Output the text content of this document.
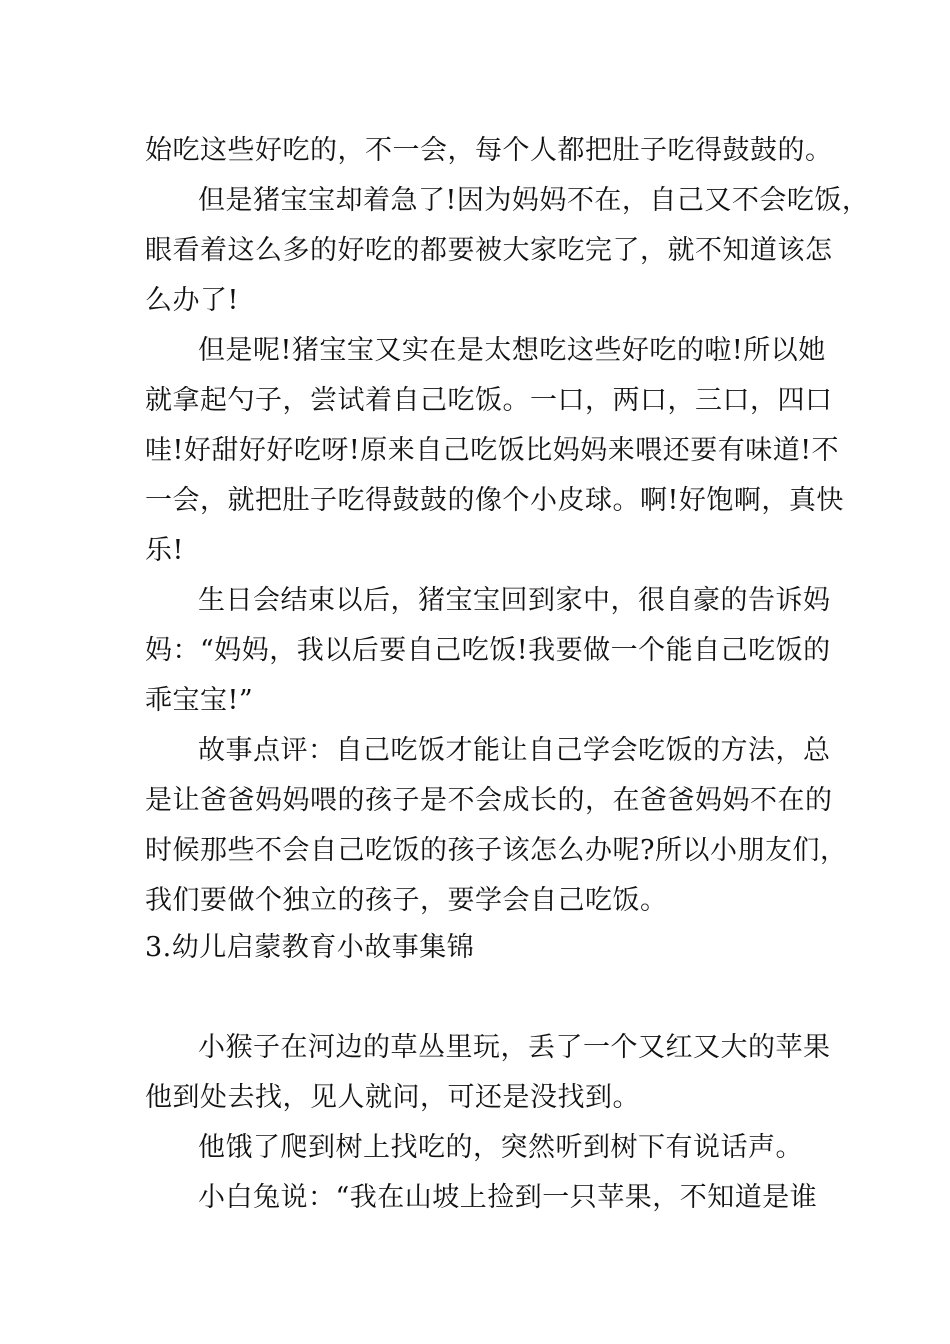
始吃这些好吃的，不一会，每个人都把肚子吃得鼓鼓的。
但是猪宝宝却着急了!因为妈妈不在，自己又不会吃饭，
眼看着这么多的好吃的都要被大家吃完了，就不知道该怎
么办了!
但是呢!猪宝宝又实在是太想吃这些好吃的啦!所以她
就拿起勺子，尝试着自己吃饭。一口，两口，三口，四口
哇!好甜好好吃呀!原来自己吃饭比妈妈来喂还要有味道!不
一会，就把肚子吃得鼓鼓的像个小皮球。啊!好饱啊，真快
乐!
生日会结束以后，猪宝宝回到家中，很自豪的告诉妈
妈：“妈妈，我以后要自己吃饭!我要做一个能自己吃饭的
乖宝宝!”
故事点评：自己吃饭才能让自己学会吃饭的方法，总
是让爸爸妈妈喂的孩子是不会成长的，在爸爸妈妈不在的
时候那些不会自己吃饭的孩子该怎么办呢?所以小朋友们，
我们要做个独立的孩子，要学会自己吃饭。
3.幼儿启蒙教育小故事集锦
小猴子在河边的草丛里玩，丢了一个又红又大的苹果
他到处去找，见人就问，可还是没找到。
他饿了爬到树上找吃的，突然听到树下有说话声。
小白兔说：“我在山坡上捡到一只苹果，不知道是谁
